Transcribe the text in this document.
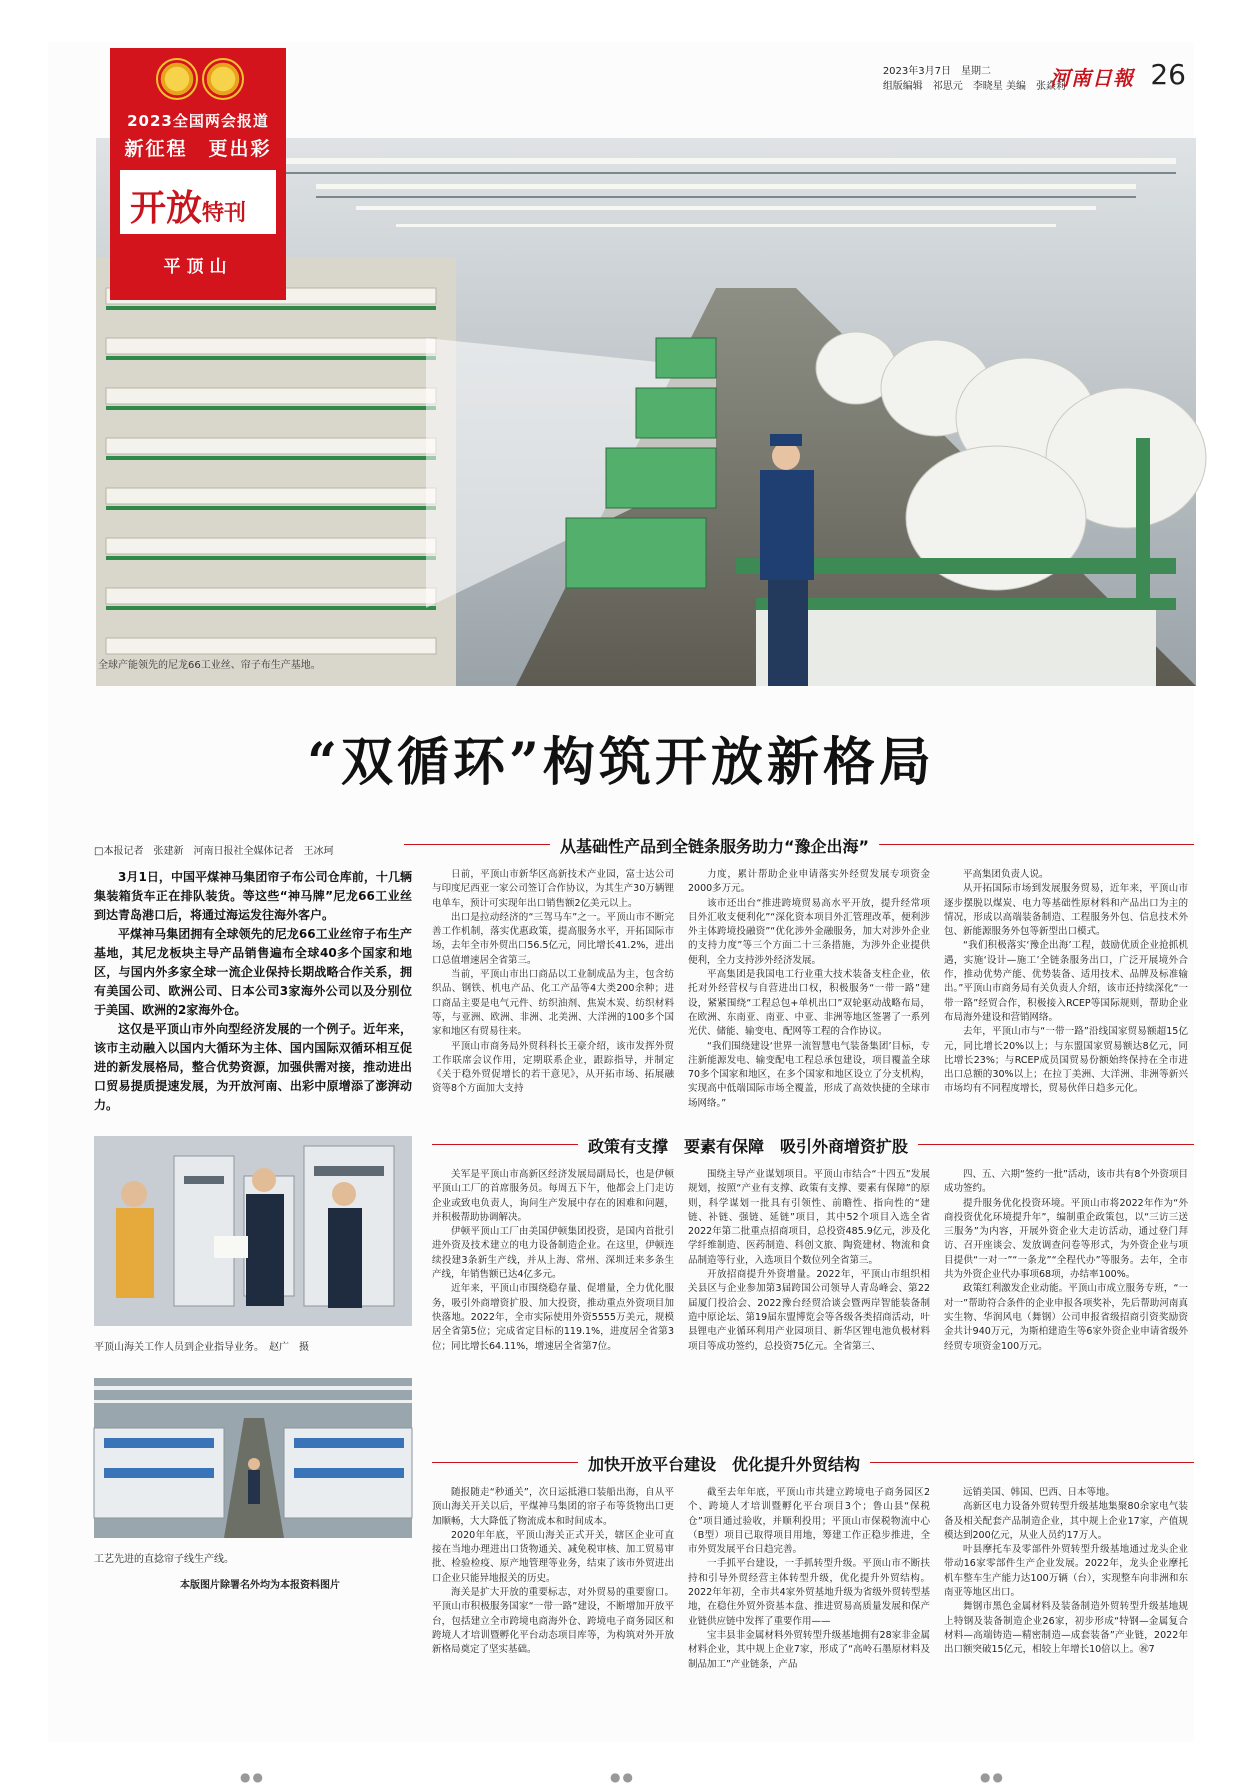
2023年3月7日　星期二
组版编辑　祁思元　李晓星 美编　张焱莉
河南日報 26
2023全国两会报道
新征程　更出彩
开放特刊
平顶山
全球产能领先的尼龙66工业丝、帘子布生产基地。
“双循环”构筑开放新格局
□本报记者　张建新　河南日报社全媒体记者　王冰珂	从基础性产品到全链条服务助力“豫企出海”

3月1日，中国平煤神马集团帘子布公司仓库前，十几辆集装箱货车正在排队装货。等这些“神马牌”尼龙66工业丝到达青岛港口后，将通过海运发往海外客户。

平煤神马集团拥有全球领先的尼龙66工业丝帘子布生产基地，其尼龙板块主导产品销售遍布全球40多个国家和地区，与国内外多家全球一流企业保持长期战略合作关系，拥有美国公司、欧洲公司、日本公司3家海外公司以及分别位于美国、欧洲的2家海外仓。

这仅是平顶山市外向型经济发展的一个例子。近年来，该市主动融入以国内大循环为主体、国内国际双循环相互促进的新发展格局，整合优势资源，加强供需对接，推动进出口贸易提质提速发展，为开放河南、出彩中原增添了澎湃动力。

日前，平顶山市新华区高新技术产业园，富士达公司与印度尼西亚一家公司签订合作协议，为其生产30万辆锂电单车，预计可实现年出口销售额2亿美元以上。

出口是拉动经济的“三驾马车”之一。平顶山市不断完善工作机制，落实优惠政策，提高服务水平，开拓国际市场，去年全市外贸出口56.5亿元，同比增长41.2%，进出口总值增速居全省第三。

当前，平顶山市出口商品以工业制成品为主，包含纺织品、钢铁、机电产品、化工产品等4大类200余种；进口商品主要是电气元件、纺织油剂、焦炭木炭、纺织材料等，与亚洲、欧洲、非洲、北美洲、大洋洲的100多个国家和地区有贸易往来。

平顶山市商务局外贸科科长王豪介绍，该市发挥外贸工作联席会议作用，定期联系企业，跟踪指导，并制定《关于稳外贸促增长的若干意见》，从开拓市场、拓展融资等8个方面加大支持

力度，累计帮助企业申请落实外经贸发展专项资金2000多万元。

该市还出台“推进跨境贸易高水平开放，提升经常项目外汇收支便利化”“深化资本项目外汇管理改革，便利涉外主体跨境投融资”“优化涉外金融服务，加大对涉外企业的支持力度”等三个方面二十三条措施，为涉外企业提供便利，全力支持涉外经济发展。

平高集团是我国电工行业重大技术装备支柱企业，依托对外经营权与自营进出口权，积极服务“一带一路”建设，紧紧围绕“工程总包+单机出口”双轮驱动战略布局，在欧洲、东南亚、南亚、中亚、非洲等地区签署了一系列光伏、储能、输变电、配网等工程的合作协议。

“我们围绕建设‘世界一流智慧电气装备集团’目标，专注新能源发电、输变配电工程总承包建设，项目覆盖全球70多个国家和地区，在多个国家和地区设立了分支机构，实现高中低端国际市场全覆盖，形成了高效快捷的全球市场网络。”

平高集团负责人说。

从开拓国际市场到发展服务贸易，近年来，平顶山市逐步摆脱以煤炭、电力等基础性原材料和产品出口为主的情况，形成以高端装备制造、工程服务外包、信息技术外包、新能源服务外包等新型出口模式。

“我们积极落实‘豫企出海’工程，鼓励优质企业抢抓机遇，实施‘设计—施工’全链条服务出口，广泛开展境外合作，推动优势产能、优势装备、适用技术、品牌及标准输出。”平顶山市商务局有关负责人介绍，该市还持续深化“一带一路”经贸合作，积极接入RCEP等国际规则，帮助企业布局海外建设和营销网络。

去年，平顶山市与“一带一路”沿线国家贸易额超15亿元，同比增长20%以上；与东盟国家贸易额达8亿元，同比增长23%；与RCEP成员国贸易份额始终保持在全市进出口总额的30%以上；在拉丁美洲、大洋洲、非洲等新兴市场均有不同程度增长，贸易伙伴日趋多元化。

平顶山海关工作人员到企业指导业务。　赵广　摄
政策有支撑　要素有保障　吸引外商增资扩股

关军是平顶山市高新区经济发展局副局长，也是伊顿平顶山工厂的首席服务员。每周五下午，他都会上门走访企业或致电负责人，询问生产发展中存在的困难和问题，并积极帮助协调解决。

伊顿平顶山工厂由美国伊顿集团投资，是国内首批引进外资及技术建立的电力设备制造企业。在这里，伊顿连续投建3条新生产线，并从上海、常州、深圳迁来多条生产线，年销售额已达4亿多元。

近年来，平顶山市围绕稳存量、促增量，全力优化服务，吸引外商增资扩股、加大投资，推动重点外资项目加快落地。2022年，全市实际使用外资5555万美元，规模居全省第5位；完成省定目标的119.1%，进度居全省第3位；同比增长64.11%，增速居全省第7位。

围绕主导产业谋划项目。平顶山市结合“十四五”发展规划，按照“产业有支撑、政策有支撑、要素有保障”的原则，科学谋划一批具有引领性、前瞻性、指向性的“建链、补链、强链、延链”项目，其中52个项目入选全省2022年第二批重点招商项目，总投资485.9亿元，涉及化学纤维制造、医药制造、科创文旅、陶瓷建材、物流和食品制造等行业，入选项目个数位列全省第三。

开放招商提升外资增量。2022年，平顶山市组织相关县区与企业参加第3届跨国公司领导人青岛峰会、第22届厦门投洽会、2022豫台经贸洽谈会暨两岸智能装备制造中原论坛、第19届东盟博览会等各级各类招商活动，叶县锂电产业循环利用产业园项目、新华区锂电池负极材料项目等成功签约，总投资75亿元。全省第三、

四、五、六期“签约一批”活动，该市共有8个外资项目成功签约。

提升服务优化投资环境。平顶山市将2022年作为“外商投资优化环境提升年”，编制重企政策包，以“三访三送三服务”为内容，开展外资企业大走访活动，通过登门拜访、召开座谈会、发放调查问卷等形式，为外资企业与项目提供“一对一”“一条龙”“全程代办”等服务。去年，全市共为外资企业代办事项68项，办结率100%。

政策红利激发企业动能。平顶山市成立服务专班，“一对一”帮助符合条件的企业申报各项奖补，先后帮助河南真实生物、华润风电（舞钢）公司申报省级招商引资奖励资金共计940万元，为斯柏建造生等6家外资企业申请省级外经贸专项资金100万元。

工艺先进的直捻帘子线生产线。
本版图片除署名外均为本报资料图片
加快开放平台建设　优化提升外贸结构

随报随走“秒通关”，次日运抵港口装船出海，自从平顶山海关开关以后，平煤神马集团的帘子布等货物出口更加顺畅，大大降低了物流成本和时间成本。

2020年年底，平顶山海关正式开关，辖区企业可直接在当地办理进出口货物通关、减免税审核、加工贸易审批、检验检疫、原产地管理等业务，结束了该市外贸进出口企业只能异地报关的历史。

海关是扩大开放的重要标志，对外贸易的重要窗口。平顶山市积极服务国家“一带一路”建设，不断增加开放平台，包括建立全市跨境电商海外仓、跨境电子商务园区和跨境人才培训暨孵化平台动态项目库等，为构筑对外开放新格局奠定了坚实基础。

截至去年年底，平顶山市共建立跨境电子商务园区2个、跨境人才培训暨孵化平台项目3个；鲁山县“保税仓”项目通过验收，并顺利投用；平顶山市保税物流中心（B型）项目已取得项目用地，筹建工作正稳步推进，全市外贸发展平台日趋完善。

一手抓平台建设，一手抓转型升级。平顶山市不断扶持和引导外贸经营主体转型升级，优化提升外贸结构。2022年年初，全市共4家外贸基地升级为省级外贸转型基地，在稳住外贸外资基本盘、推进贸易高质量发展和保产业链供应链中发挥了重要作用——

宝丰县非金属材料外贸转型升级基地拥有28家非金属材料企业，其中规上企业7家，形成了“高岭石墨原材料及制品加工”产业链条，产品

远销美国、韩国、巴西、日本等地。

高新区电力设备外贸转型升级基地集聚80余家电气装备及相关配套产品制造企业，其中规上企业17家，产值规模达到200亿元，从业人员约17万人。

叶县摩托车及零部件外贸转型升级基地通过龙头企业带动16家零部件生产企业发展。2022年，龙头企业摩托机车整车生产能力达100万辆（台），实现整车向非洲和东南亚等地区出口。

舞钢市黑色金属材料及装备制造外贸转型升级基地规上特钢及装备制造企业26家，初步形成“特钢—金属复合材料—高端铸造—精密制造—成套装备”产业链，2022年出口额突破15亿元，相较上年增长10倍以上。㊗7

●●	●●	●●
